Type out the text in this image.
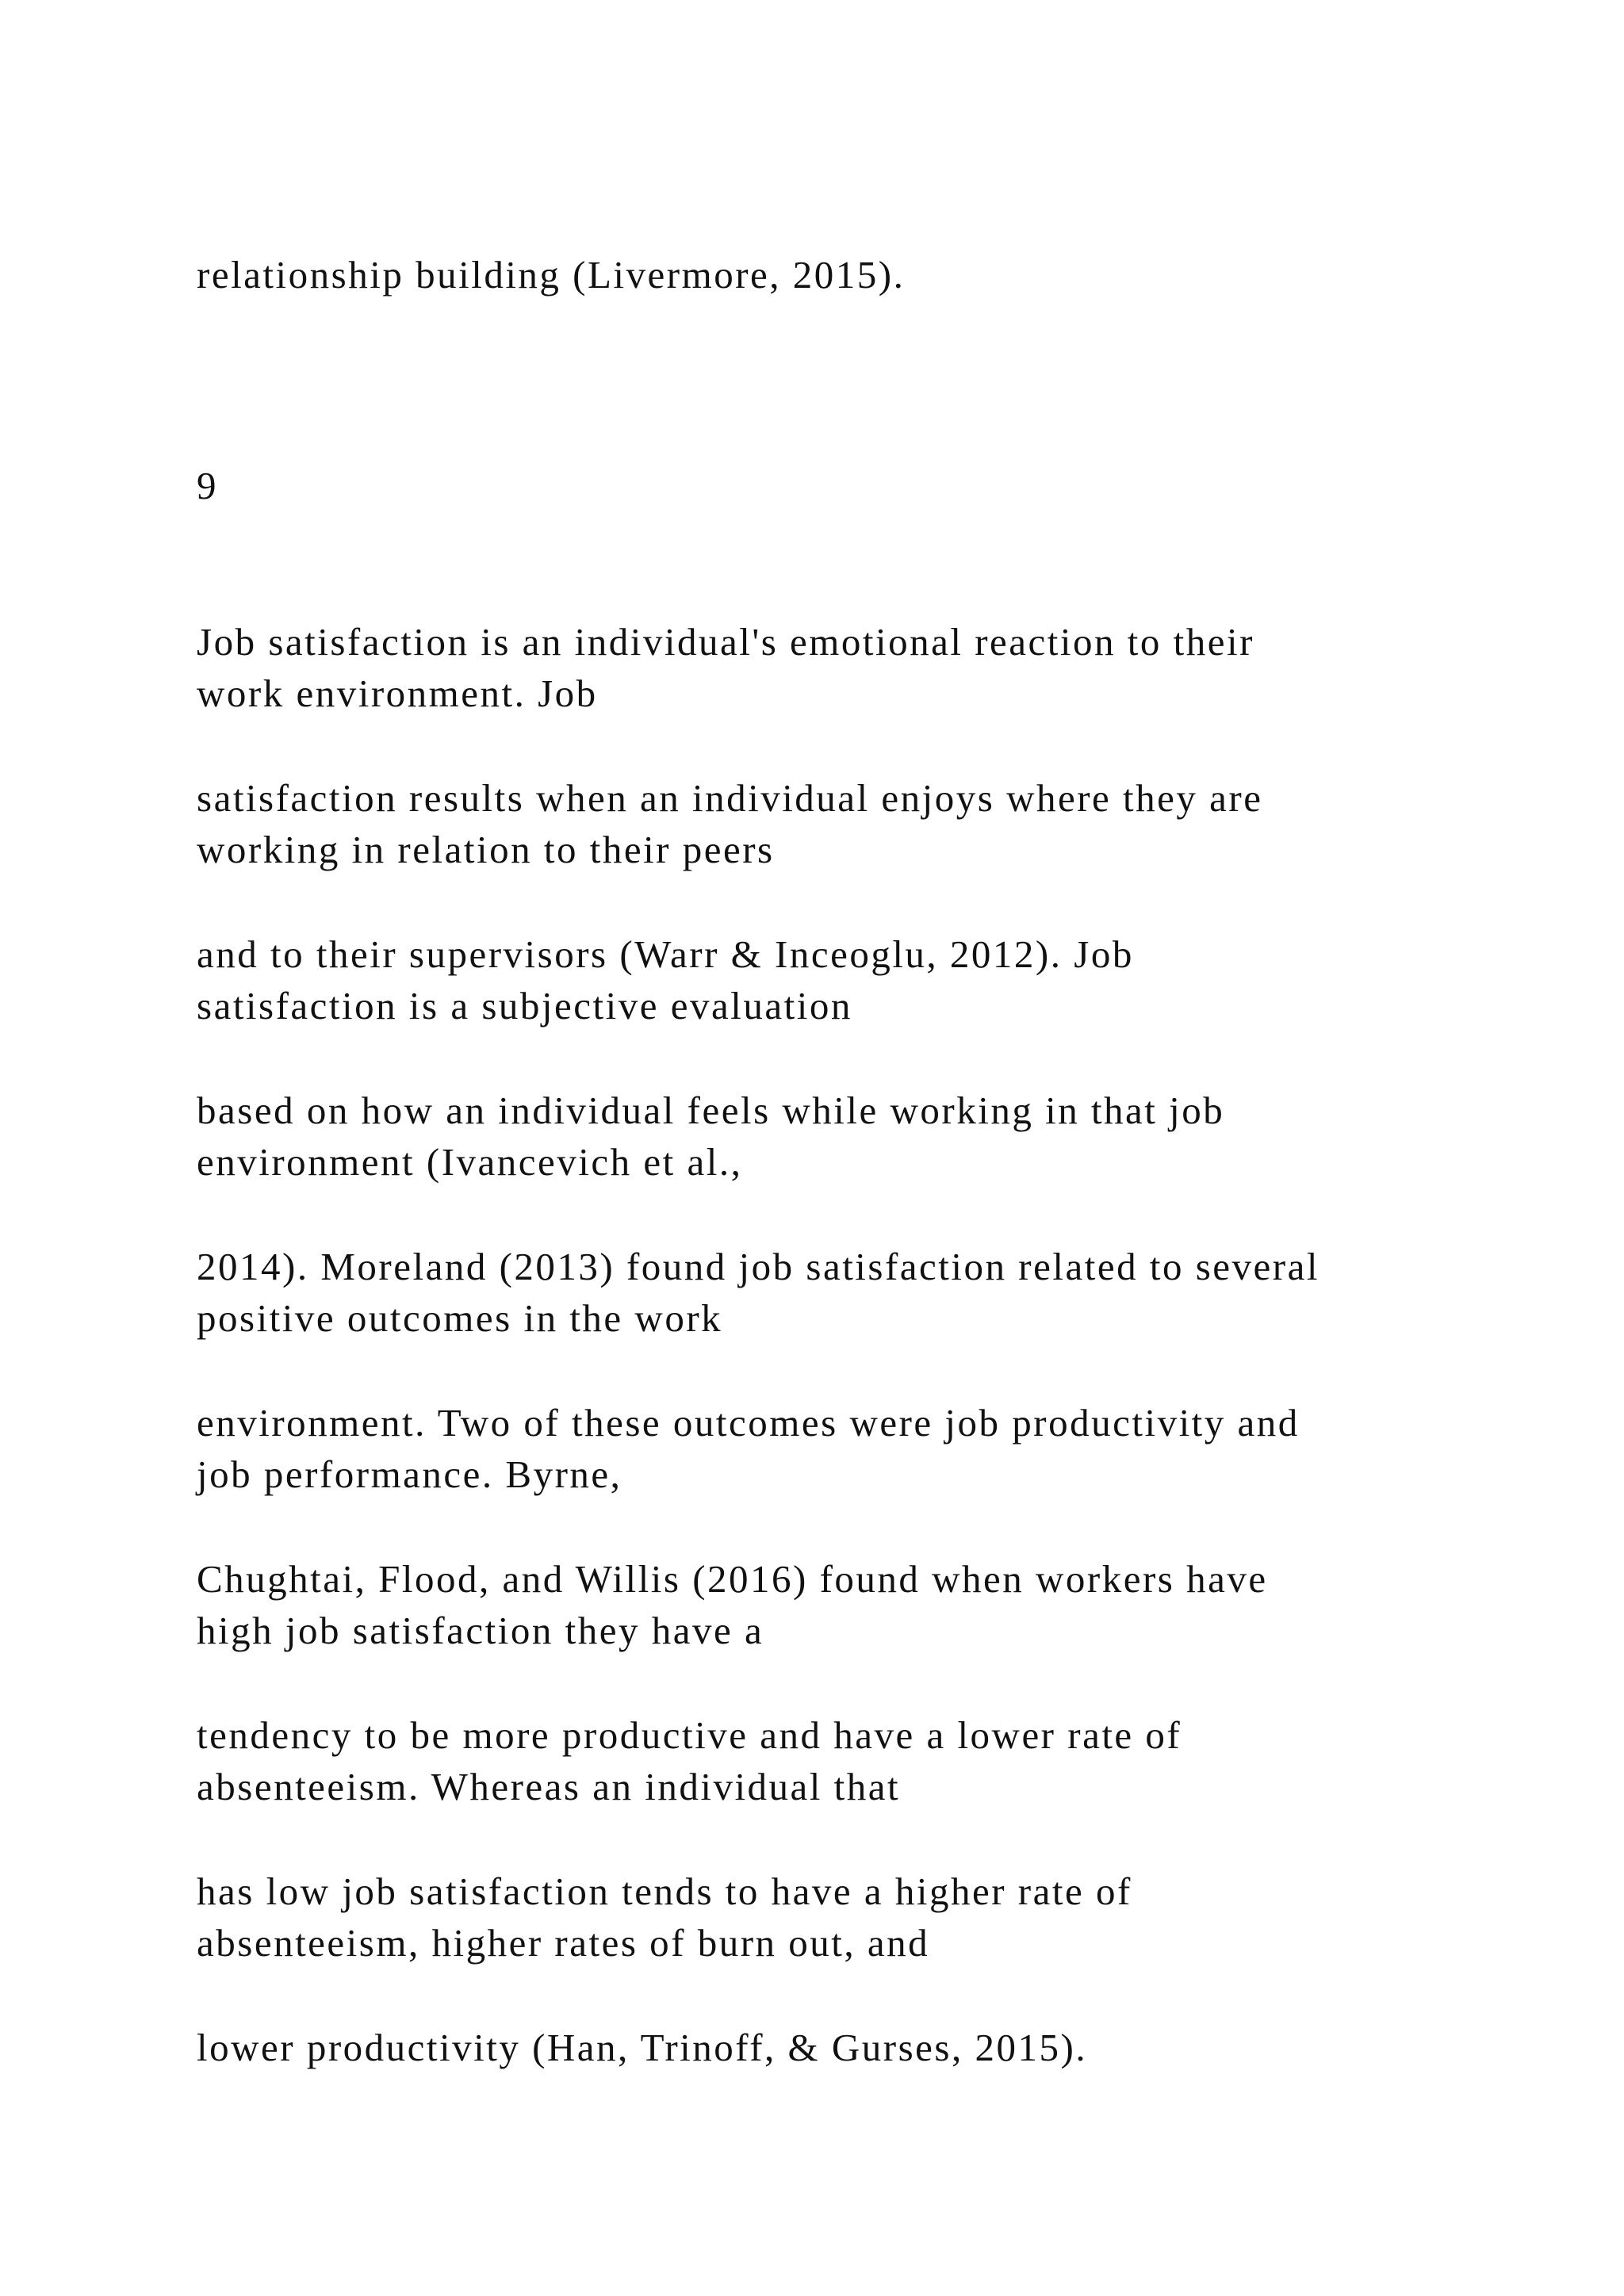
relationship building (Livermore, 2015).

9

Job satisfaction is an individual's emotional reaction to their

work environment. Job

satisfaction results when an individual enjoys where they are

working in relation to their peers

and to their supervisors (Warr & Inceoglu, 2012). Job

satisfaction is a subjective evaluation

based on how an individual feels while working in that job

environment (Ivancevich et al.,

2014). Moreland (2013) found job satisfaction related to several

positive outcomes in the work

environment. Two of these outcomes were job productivity and

job performance. Byrne,

Chughtai, Flood, and Willis (2016) found when workers have

high job satisfaction they have a

tendency to be more productive and have a lower rate of

absenteeism. Whereas an individual that

has low job satisfaction tends to have a higher rate of

absenteeism, higher rates of burn out, and

lower productivity (Han, Trinoff, & Gurses, 2015).
